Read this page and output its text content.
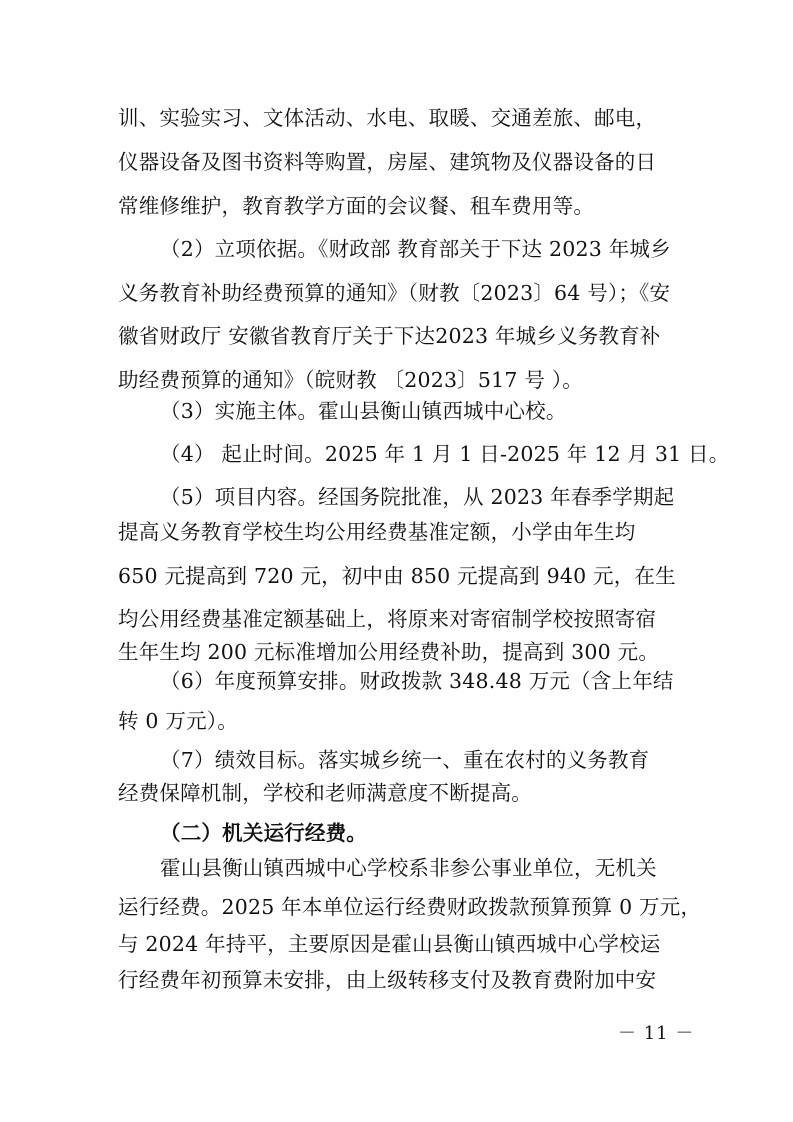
训、实验实习、文体活动、水电、取暖、交通差旅、邮电，
仪器设备及图书资料等购置，房屋、建筑物及仪器设备的日
常维修维护，教育教学方面的会议餐、租车费用等。
（2）立项依据。《财政部 教育部关于下达 2023 年城乡
义务教育补助经费预算的通知》（财教〔2023〕64 号）；《安
徽省财政厅 安徽省教育厅关于下达2023 年城乡义务教育补
助经费预算的通知》（皖财教 〔2023〕517 号 ）。
（3）实施主体。霍山县衡山镇西城中心校。
（4） 起止时间。2025 年 1 月 1 日-2025 年 12 月 31 日。
（5）项目内容。经国务院批准，从 2023 年春季学期起
提高义务教育学校生均公用经费基准定额，小学由年生均
650 元提高到 720 元，初中由 850 元提高到 940 元，在生
均公用经费基准定额基础上，将原来对寄宿制学校按照寄宿
生年生均 200 元标准增加公用经费补助，提高到 300 元。
（6）年度预算安排。财政拨款 348.48 万元（含上年结
转 0 万元）。
（7）绩效目标。落实城乡统一、重在农村的义务教育
经费保障机制，学校和老师满意度不断提高。
（二）机关运行经费。
霍山县衡山镇西城中心学校系非参公事业单位，无机关
运行经费。2025 年本单位运行经费财政拨款预算预算 0 万元，
与 2024 年持平，主要原因是霍山县衡山镇西城中心学校运
行经费年初预算未安排，由上级转移支付及教育费附加中安
－ 11 －
